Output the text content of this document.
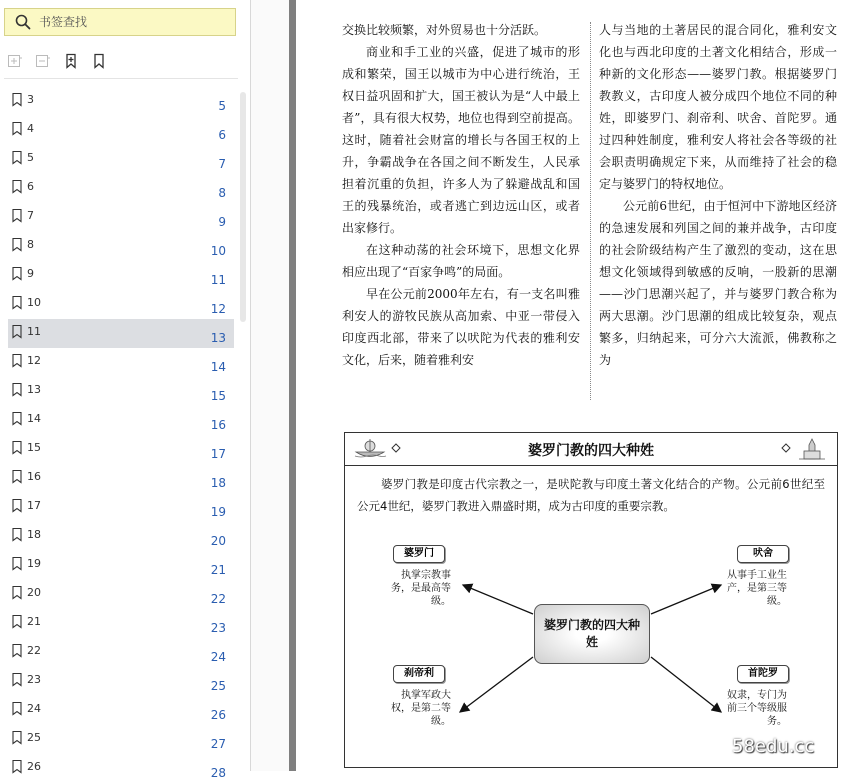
书签查找
3	5
4	6
5	7
6	8
7	9
8	10
9	11
10	12
11	13
12	14
13	15
14	16
15	17
16	18
17	19
18	20
19	21
20	22
21	23
22	24
23	25
24	26
25	27
26	28

交换比较频繁，对外贸易也十分活跃。

商业和手工业的兴盛，促进了城市的形成和繁荣，国王以城市为中心进行统治，王权日益巩固和扩大，国王被认为是“人中最上者”，具有很大权势，地位也得到空前提高。这时，随着社会财富的增长与各国王权的上升，争霸战争在各国之间不断发生，人民承担着沉重的负担，许多人为了躲避战乱和国王的残暴统治，或者逃亡到边远山区，或者出家修行。

在这种动荡的社会环境下，思想文化界相应出现了“百家争鸣”的局面。

早在公元前2000年左右，有一支名叫雅利安人的游牧民族从高加索、中亚一带侵入印度西北部，带来了以吠陀为代表的雅利安文化，后来，随着雅利安

人与当地的土著居民的混合同化，雅利安文化也与西北印度的土著文化相结合，形成一种新的文化形态——婆罗门教。根据婆罗门教教义，古印度人被分成四个地位不同的种姓，即婆罗门、刹帝利、吠舍、首陀罗。通过四种姓制度，雅利安人将社会各等级的社会职责明确规定下来，从而维持了社会的稳定与婆罗门的特权地位。

公元前6世纪，由于恒河中下游地区经济的急速发展和列国之间的兼并战争，古印度的社会阶级结构产生了激烈的变动，这在思想文化领域得到敏感的反响，一股新的思潮——沙门思潮兴起了，并与婆罗门教合称为两大思潮。沙门思潮的组成比较复杂，观点繁多，归纳起来，可分六大流派，佛教称之为

婆罗门教的四大种姓
婆罗门教是印度古代宗教之一，是吠陀教与印度土著文化结合的产物。公元前6世纪至公元4世纪，婆罗门教进入鼎盛时期，成为古印度的重要宗教。
婆罗门
执掌宗教事务，是最高等级。
吠舍
从事手工业生产，是第三等级。
婆罗门教的四大种姓
刹帝利
执掌军政大权，是第二等级。
首陀罗
奴隶，专门为前三个等级服务。
58edu.cc
